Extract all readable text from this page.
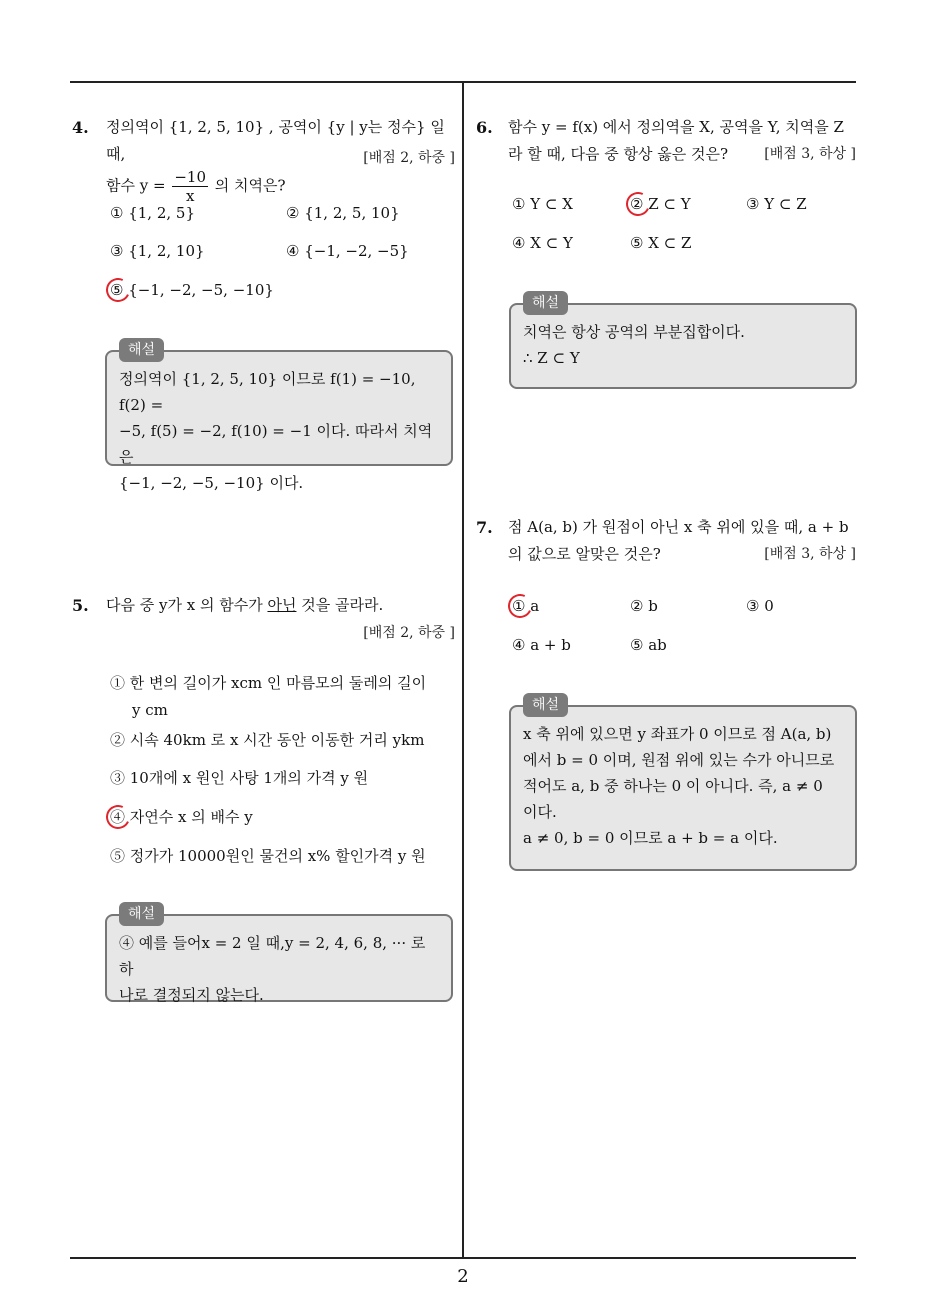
4. 정의역이 {1, 2, 5, 10} , 공역이 {y | y는 정수} 일 때,
함수 $y = \frac{-10}{x}$ 의 치역은?
[배점 2, 하중 ]
① {1, 2, 5}	② {1, 2, 5, 10}
③ {1, 2, 10}	④ {−1, −2, −5}
⑤ {−1, −2, −5, −10}
해설
정의역이 {1, 2, 5, 10} 이므로 f(1) = −10, f(2) =
−5, f(5) = −2, f(10) = −1 이다. 따라서 치역은
{−1, −2, −5, −10} 이다.
5. 다음 중 y가 x 의 함수가 아닌 것을 골라라.
[배점 2, 하중 ]
① 한 변의 길이가 xcm 인 마름모의 둘레의 길이
y cm
② 시속 40km 로 x 시간 동안 이동한 거리 ykm
③ 10개에 x 원인 사탕 1개의 가격 y 원
④ 자연수 x 의 배수 y
⑤ 정가가 10000원인 물건의 x% 할인가격 y 원
해설
④ 예를 들어x = 2 일 때,y = 2, 4, 6, 8, ··· 로 하
나로 결정되지 않는다.
6. 함수 y = f(x) 에서 정의역을 X, 공역을 Y, 치역을 Z
라 할 때, 다음 중 항상 옳은 것은?	[배점 3, 하상 ]
① Y ⊂ X	② Z ⊂ Y	③ Y ⊂ Z
④ X ⊂ Y	⑤ X ⊂ Z
해설
치역은 항상 공역의 부분집합이다.
∴ Z ⊂ Y
7. 점 A(a, b) 가 원점이 아닌 x 축 위에 있을 때, a + b
의 값으로 알맞은 것은?	[배점 3, 하상 ]
① a	② b	③ 0
④ a + b	⑤ ab
해설
x 축 위에 있으면 y 좌표가 0 이므로 점 A(a, b)
에서 b = 0 이며, 원점 위에 있는 수가 아니므로
적어도 a, b 중 하나는 0 이 아니다. 즉, a ≠ 0
이다.
a ≠ 0, b = 0 이므로 a + b = a 이다.
2
